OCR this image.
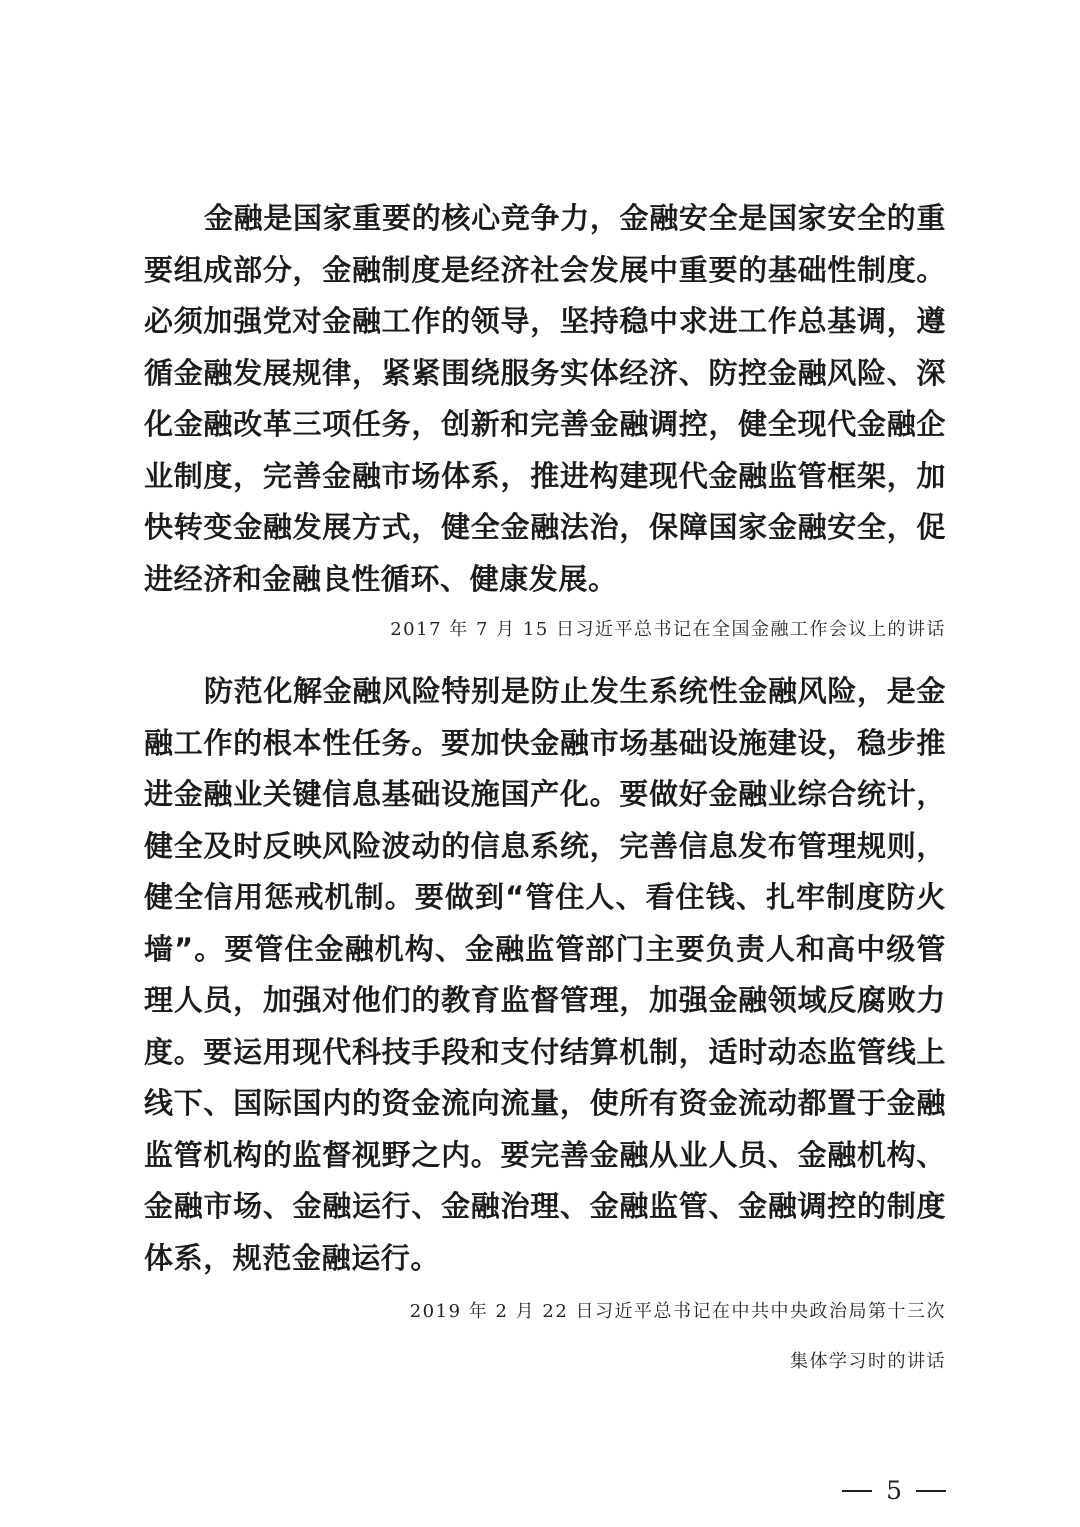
金融是国家重要的核心竞争力，金融安全是国家安全的重要组成部分，金融制度是经济社会发展中重要的基础性制度。必须加强党对金融工作的领导，坚持稳中求进工作总基调，遵循金融发展规律，紧紧围绕服务实体经济、防控金融风险、深化金融改革三项任务，创新和完善金融调控，健全现代金融企业制度，完善金融市场体系，推进构建现代金融监管框架，加快转变金融发展方式，健全金融法治，保障国家金融安全，促进经济和金融良性循环、健康发展。

2017 年 7 月 15 日习近平总书记在全国金融工作会议上的讲话

防范化解金融风险特别是防止发生系统性金融风险，是金融工作的根本性任务。要加快金融市场基础设施建设，稳步推进金融业关键信息基础设施国产化。要做好金融业综合统计，健全及时反映风险波动的信息系统，完善信息发布管理规则，健全信用惩戒机制。要做到“管住人、看住钱、扎牢制度防火墙”。要管住金融机构、金融监管部门主要负责人和高中级管理人员，加强对他们的教育监督管理，加强金融领域反腐败力度。要运用现代科技手段和支付结算机制，适时动态监管线上线下、国际国内的资金流向流量，使所有资金流动都置于金融监管机构的监督视野之内。要完善金融从业人员、金融机构、金融市场、金融运行、金融治理、金融监管、金融调控的制度体系，规范金融运行。

2019 年 2 月 22 日习近平总书记在中共中央政治局第十三次

集体学习时的讲话

5
